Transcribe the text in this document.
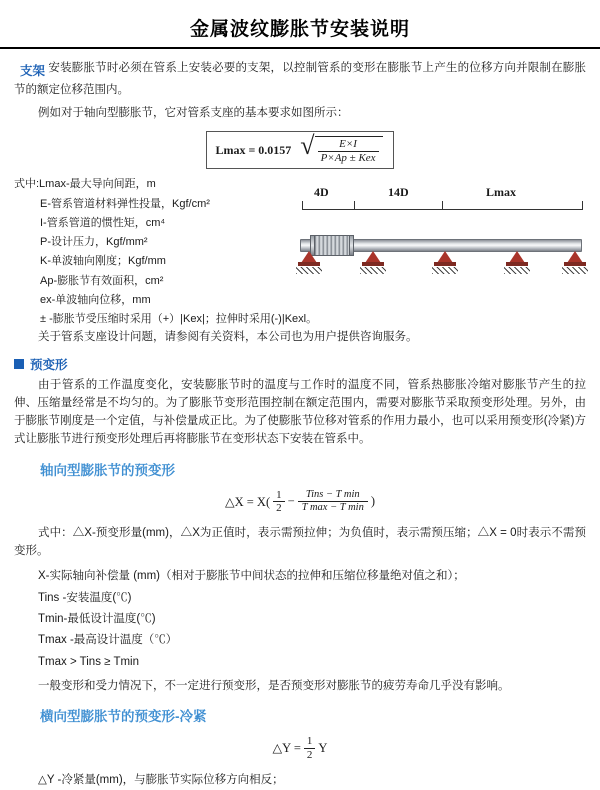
金属波纹膨胀节安装说明

支架 安装膨胀节时必须在管系上安装必要的支架，以控制管系的变形在膨胀节上产生的位移方向并限制在膨胀节的额定位移范围内。

例如对于轴向型膨胀节，它对管系支座的基本要求如图所示：

Lmax = 0.0157 √ $\frac{E\times I}{\text{P×Ap ± Kex}}$
式中:Lmax-最大导向间距，m
E-管系管道材料弹性投量，Kgf/cm²
I-管系管道的惯性矩，cm⁴
P-设计压力，Kgf/mm²
K-单波轴向刚度；Kgf/mm
Ap-膨胀节有效面积，cm²
ex-单波轴向位移，mm
± -膨胀节受压缩时采用（+）|Kex|；拉伸时采用(-)|Kexl。
4D	14D	Lmax

关于管系支座设计问题，请参阅有关资料，本公司也为用户提供咨询服务。

预变形

由于管系的工作温度变化，安装膨胀节时的温度与工作时的温度不同，管系热膨胀冷缩对膨胀节产生的拉伸、压缩量经常是不均匀的。为了膨胀节变形范围控制在额定范围内，需要对膨胀节采取预变形处理。另外，由于膨胀节刚度是一个定值，与补偿量成正比。为了使膨胀节位移对管系的作用力最小，也可以采用预变形(冷紧)方式让膨胀节进行预变形处理后再将膨胀节在变形状态下安装在管系中。

轴向型膨胀节的预变形
△X = $X( \frac{1}{2} - \frac{\text{Tins − T min}}{\text{T max − T min}}$ )

式中：△X-预变形量(mm)，△X为正值时，表示需预拉伸；为负值时，表示需预压缩；△X = 0时表示不需预变形。

X-实际轴向补偿量 (mm)（相对于膨胀节中间状态的拉伸和压缩位移量绝对值之和）；
Tins -安装温度(℃)
Tmin-最低设计温度(℃)
Tmax -最高设计温度（℃）
Tmax > Tins ≥ Tmin

一般变形和受力情况下，不一定进行预变形，是否预变形对膨胀节的疲劳寿命几乎没有影响。

横向型膨胀节的预变形-冷紧
△Y = $\frac{1}{2}$ Y

△Y -冷紧量(mm)，与膨胀节实际位移方向相反；
